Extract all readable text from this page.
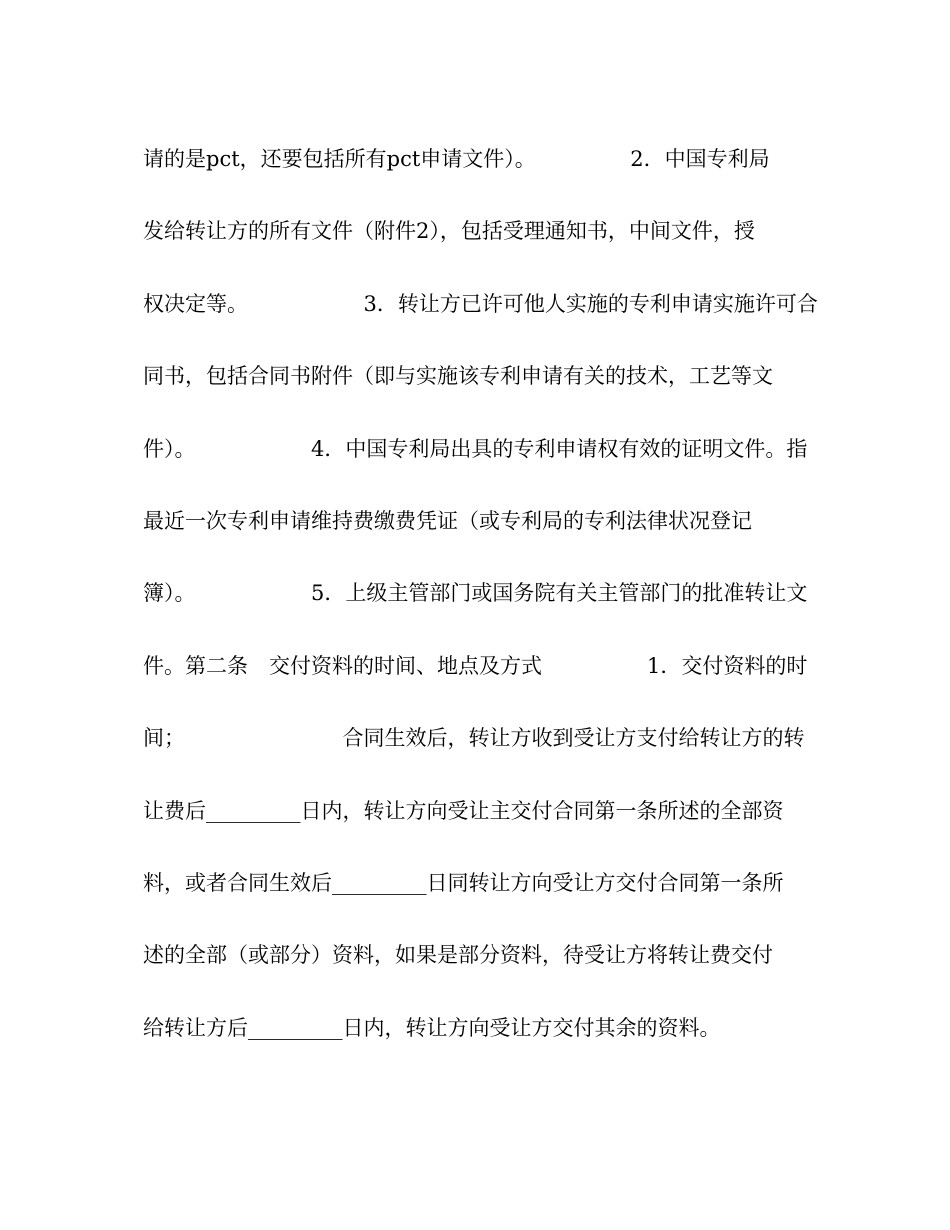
请的是pct，还要包括所有pct申请文件）。　　　　　2．中国专利局
发给转让方的所有文件（附件2），包括受理通知书，中间文件，授
权决定等。　　　　　　3．转让方已许可他人实施的专利申请实施许可合
同书，包括合同书附件（即与实施该专利申请有关的技术，工艺等文
件）。　　　　　　4．中国专利局出具的专利申请权有效的证明文件。指
最近一次专利申请维持费缴费凭证（或专利局的专利法律状况登记
簿）。　　　　　　5．上级主管部门或国务院有关主管部门的批准转让文
件。第二条　交付资料的时间、地点及方式　　　　　1．交付资料的时
间；　　　　　　　　合同生效后，转让方收到受让方支付给转让方的转
让费后_________日内，转让方向受让主交付合同第一条所述的全部资
料，或者合同生效后_________日同转让方向受让方交付合同第一条所
述的全部（或部分）资料，如果是部分资料，待受让方将转让费交付
给转让方后_________日内，转让方向受让方交付其余的资料。
